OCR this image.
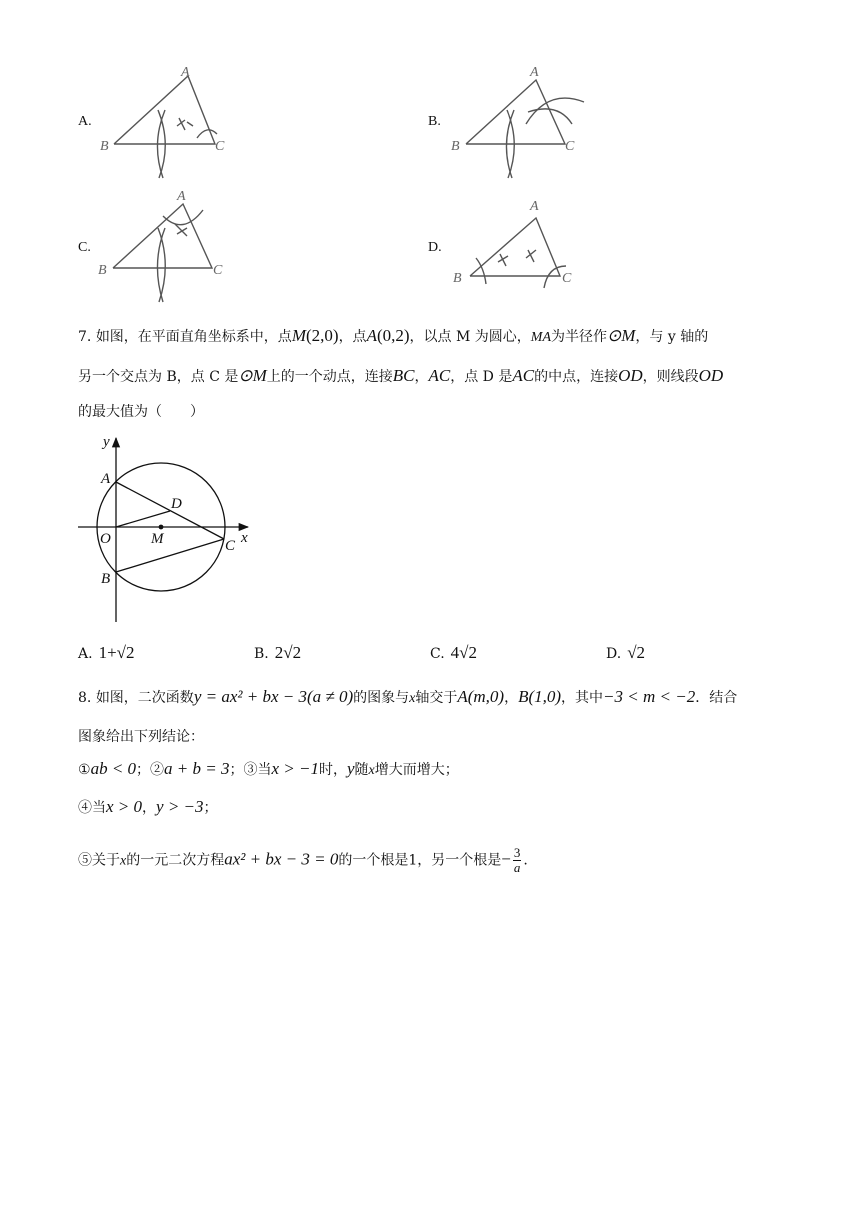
A.
A
B	C
B.
A
B	C
C.
A
B	C
D.
A
B	C
7. 如图，在平面直角坐标系中，点M(2,0)，点A(0,2)，以点 M 为圆心，MA为半径作⊙M，与 y 轴的
另一个交点为 B，点 C 是⊙M上的一个动点，连接BC，AC，点 D 是AC的中点，连接OD，则线段OD
的最大值为（　　）
y
x
A
D
O	M	C
B
A. 1+√2	B. 2√2	C. 4√2	D. √2
8. 如图，二次函数y = ax² + bx − 3(a ≠ 0)的图象与x轴交于A(m,0)，B(1,0)，其中−3 < m < −2．结合
图象给出下列结论：
①ab < 0；②a + b = 3；③当x > −1时，y随x增大而增大；
④当x > 0，y > −3；
⑤关于x的一元二次方程ax² + bx − 3 = 0的一个根是1，另一个根是− $\frac{3}{a}$ .
